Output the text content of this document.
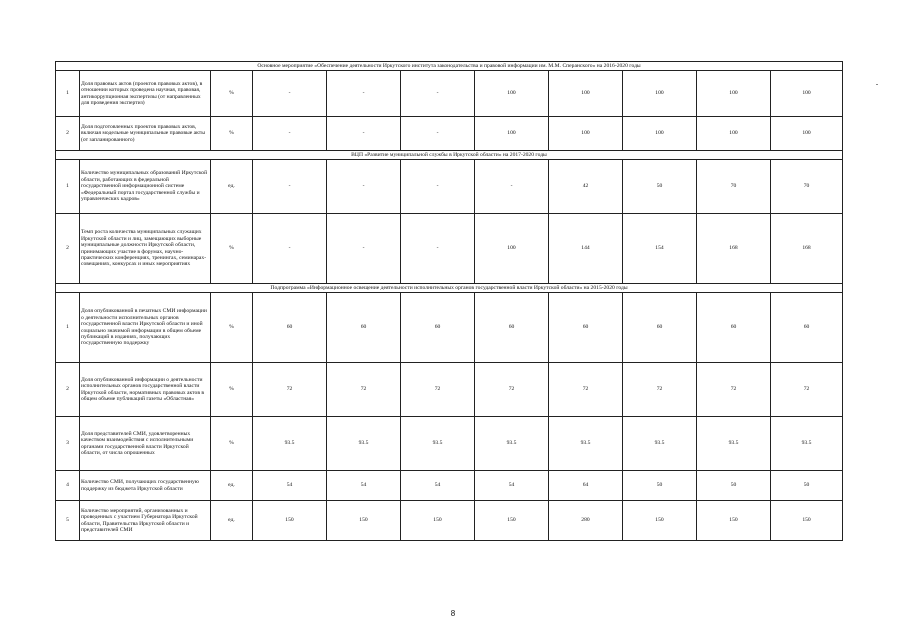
Основное мероприятие «Обеспечение деятельности Иркутского института законодательства и правовой информации им. М.М. Сперанского» на 2016-2020 годы										
1	Доля правовых актов (проектов правовых актов), в отношении которых проведена научная, правовая, антикоррупционная экспертизы (от направленных для проведения экспертиз)	%	-	-	-	100	100	100	100	100
2	Доля подготовленных проектов правовых актов, включая модельные муниципальные правовые акты (от запланированного)	%	-	-	-	100	100	100	100	100
ВЦП «Развитие муниципальной службы в Иркутской области» на 2017-2020 годы										
1	Количество муниципальных образований Иркутской области, работающих в федеральной государственной информационной системе «Федеральный портал государственной службы и управленческих кадров»	ед.	-	-	-	-	42	50	70	70
2	Темп роста количества муниципальных служащих Иркутской области и лиц, замещающих выборные муниципальные должности Иркутской области, принимающих участие в форумах, научно-практических конференциях, тренингах, семинарах-совещаниях, конкурсах и иных мероприятиях	%	-	-	-	100	144	154	168	168
Подпрограмма «Информационное освещение деятельности исполнительных органов государственной власти Иркутской области» на 2015-2020 годы										
1	Доля опубликованной в печатных СМИ информации о деятельности исполнительных органов государственной власти Иркутской области и иной социально значимой информации в общем объеме публикаций в изданиях, получающих государственную поддержку	%	60	60	60	60	60	60	60	60
2	Доля опубликованной информации о деятельности исполнительных органов государственной власти Иркутской области, нормативных правовых актов в общем объеме публикаций газеты «Областная»	%	72	72	72	72	72	72	72	72
3	Доля представителей СМИ, удовлетворенных качеством взаимодействия с исполнительными органами государственной власти Иркутской области, от числа опрошенных	%	93.5	93.5	93.5	93.5	93.5	93.5	93.5	93.5
4	Количество СМИ, получающих государственную поддержку из бюджета Иркутской области	ед.	54	54	54	54	64	50	50	50
5	Количество мероприятий, организованных и проведенных с участием Губернатора Иркутской области, Правительства Иркутской области и представителей СМИ	ед.	150	150	150	150	280	150	150	150
8
